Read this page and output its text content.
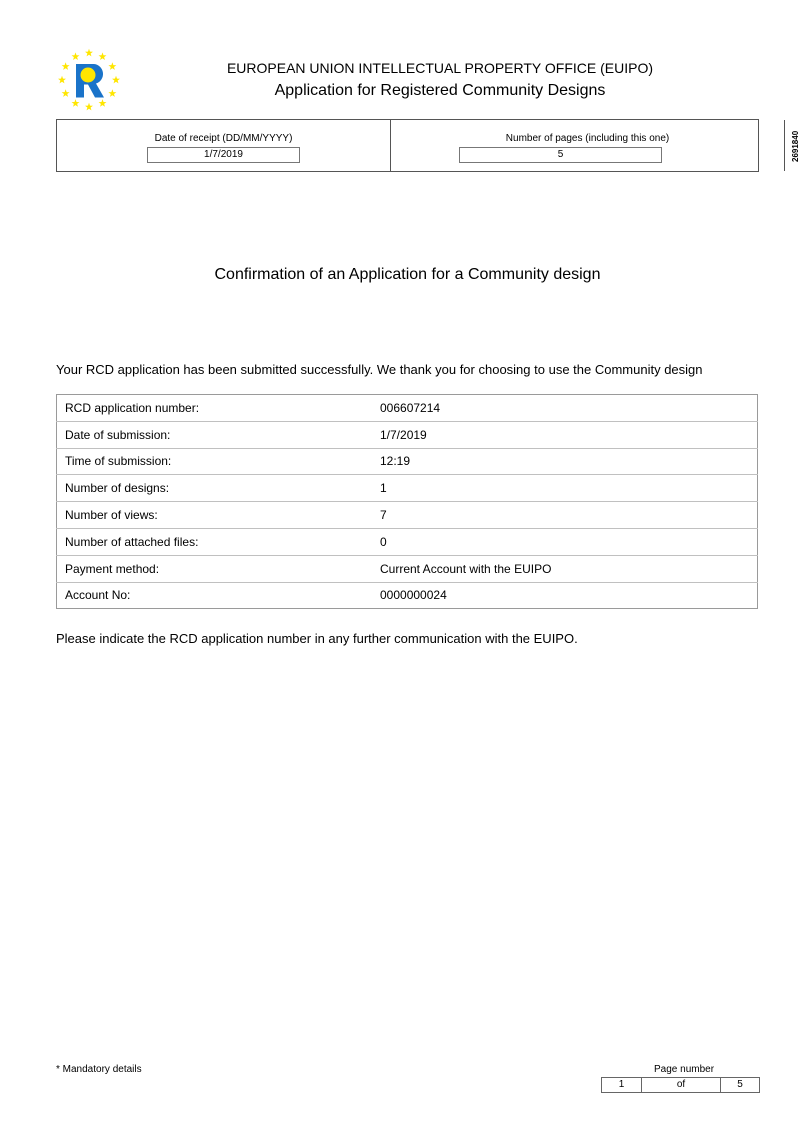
EUROPEAN UNION INTELLECTUAL PROPERTY OFFICE (EUIPO)
Application for Registered Community Designs
Date of receipt (DD/MM/YYYY)
1/7/2019
Number of pages (including this one)
5	2691840
Confirmation of an Application for a Community design
Your RCD application has been submitted successfully. We thank you for choosing to use the Community design
RCD application number:	006607214
Date of submission:	1/7/2019
Time of submission:	12:19
Number of designs:	1
Number of views:	7
Number of attached files:	0
Payment method:	Current Account with the EUIPO
Account No:	0000000024
Please indicate the RCD application number in any further communication with the EUIPO.
* Mandatory details	Page number
1	of	5
